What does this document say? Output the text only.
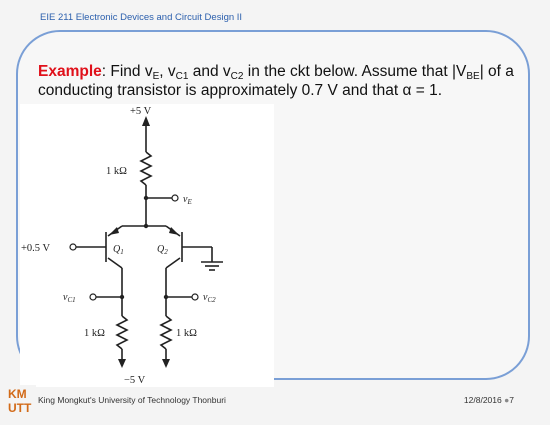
EIE 211 Electronic Devices and Circuit Design II
Example: Find $v_E$, $v_{C1}$ and $v_{C2}$ in the ckt below. Assume that $|V_{BE}|$ of a
conducting transistor is approximately 0.7 V and that α = 1.
+5 V
1 kΩ
$v_E$
+0.5 V	$Q_1$	$Q_2$
$v_{C1}$	$v_{C2}$
1 kΩ	1 kΩ
−5 V
KM
UTT
King Mongkut's University of Technology Thonburi	12/8/2016 ●7
